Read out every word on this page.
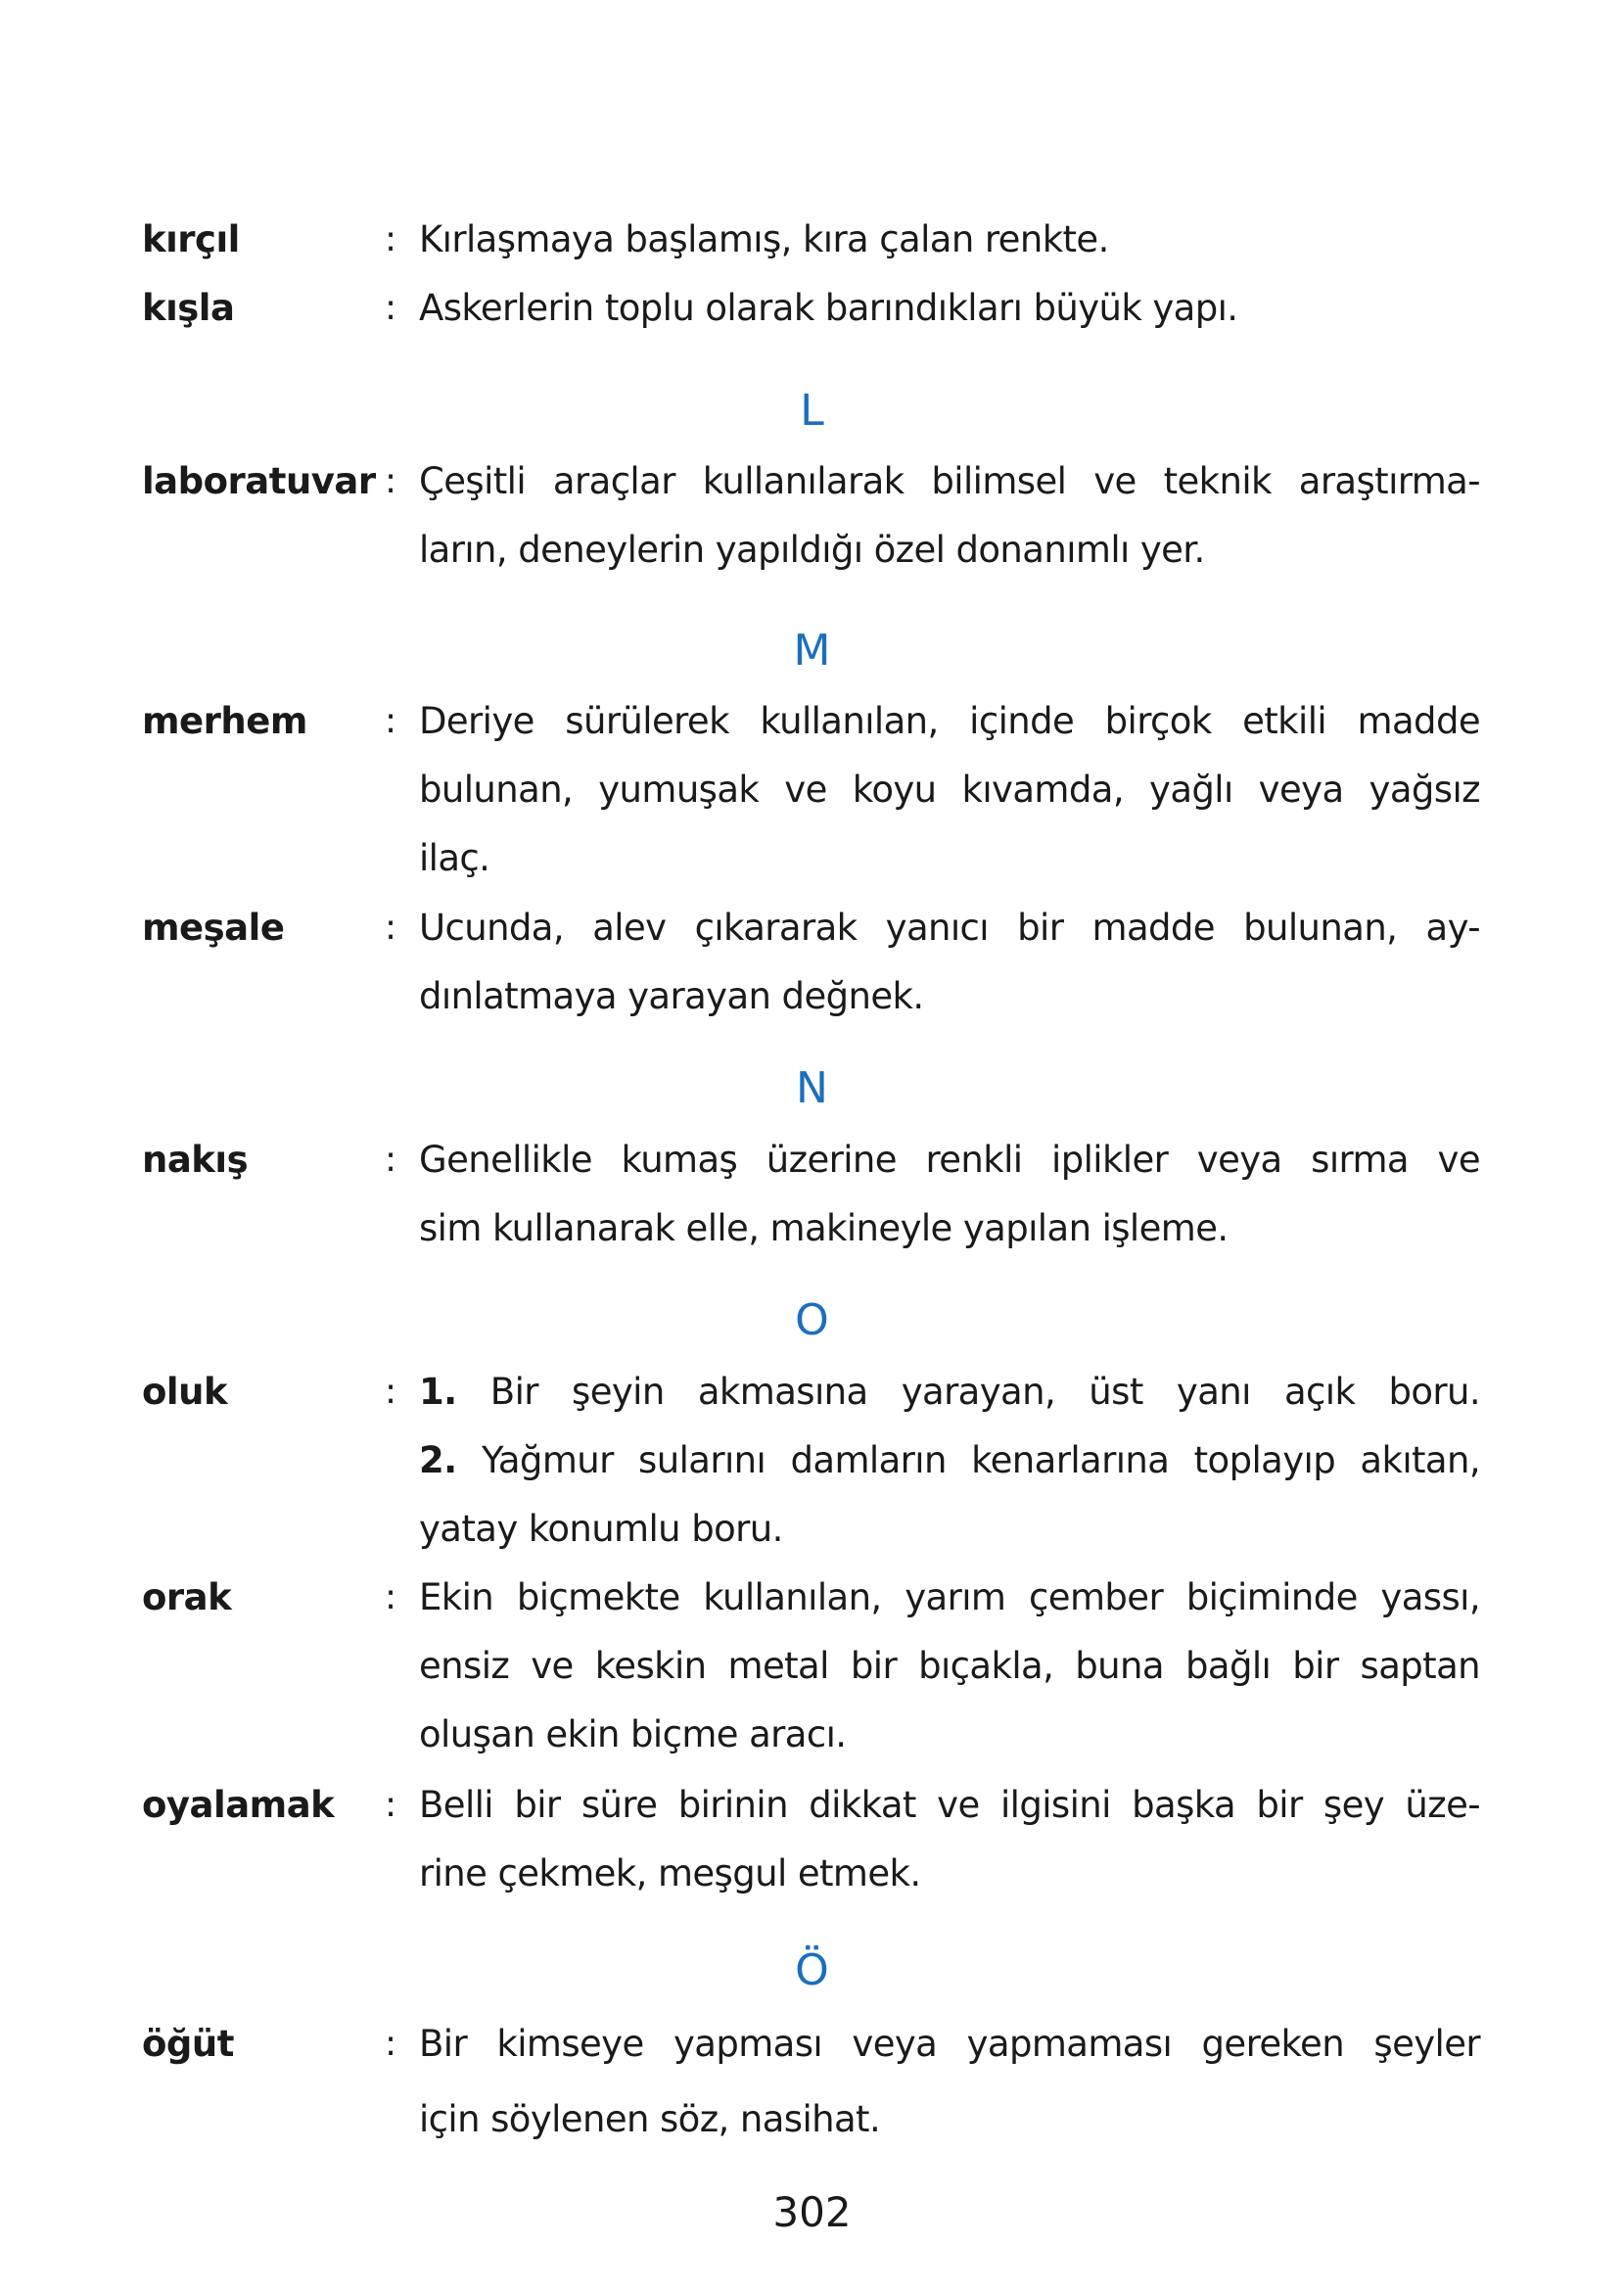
kırçıl	: Kırlaşmaya başlamış, kıra çalan renkte.
kışla	: Askerlerin toplu olarak barındıkları büyük yapı.
L
laboratuvar : Çeşitli araçlar kullanılarak bilimsel ve teknik araştırma-
ların, deneylerin yapıldığı özel donanımlı yer.
M
merhem : Deriye sürülerek kullanılan, içinde birçok etkili madde
bulunan, yumuşak ve koyu kıvamda, yağlı veya yağsız
ilaç.
meşale	: Ucunda, alev çıkararak yanıcı bir madde bulunan, ay-
dınlatmaya yarayan değnek.
N
nakış	: Genellikle kumaş üzerine renkli iplikler veya sırma ve
sim kullanarak elle, makineyle yapılan işleme.
O
oluk	: 1. Bir şeyin akmasına yarayan, üst yanı açık boru.
2. Yağmur sularını damların kenarlarına toplayıp akıtan,
yatay konumlu boru.
orak	: Ekin biçmekte kullanılan, yarım çember biçiminde yassı,
ensiz ve keskin metal bir bıçakla, buna bağlı bir saptan
oluşan ekin biçme aracı.
oyalamak : Belli bir süre birinin dikkat ve ilgisini başka bir şey üze-
rine çekmek, meşgul etmek.
Ö
öğüt	: Bir kimseye yapması veya yapmaması gereken şeyler
için söylenen söz, nasihat.
302
